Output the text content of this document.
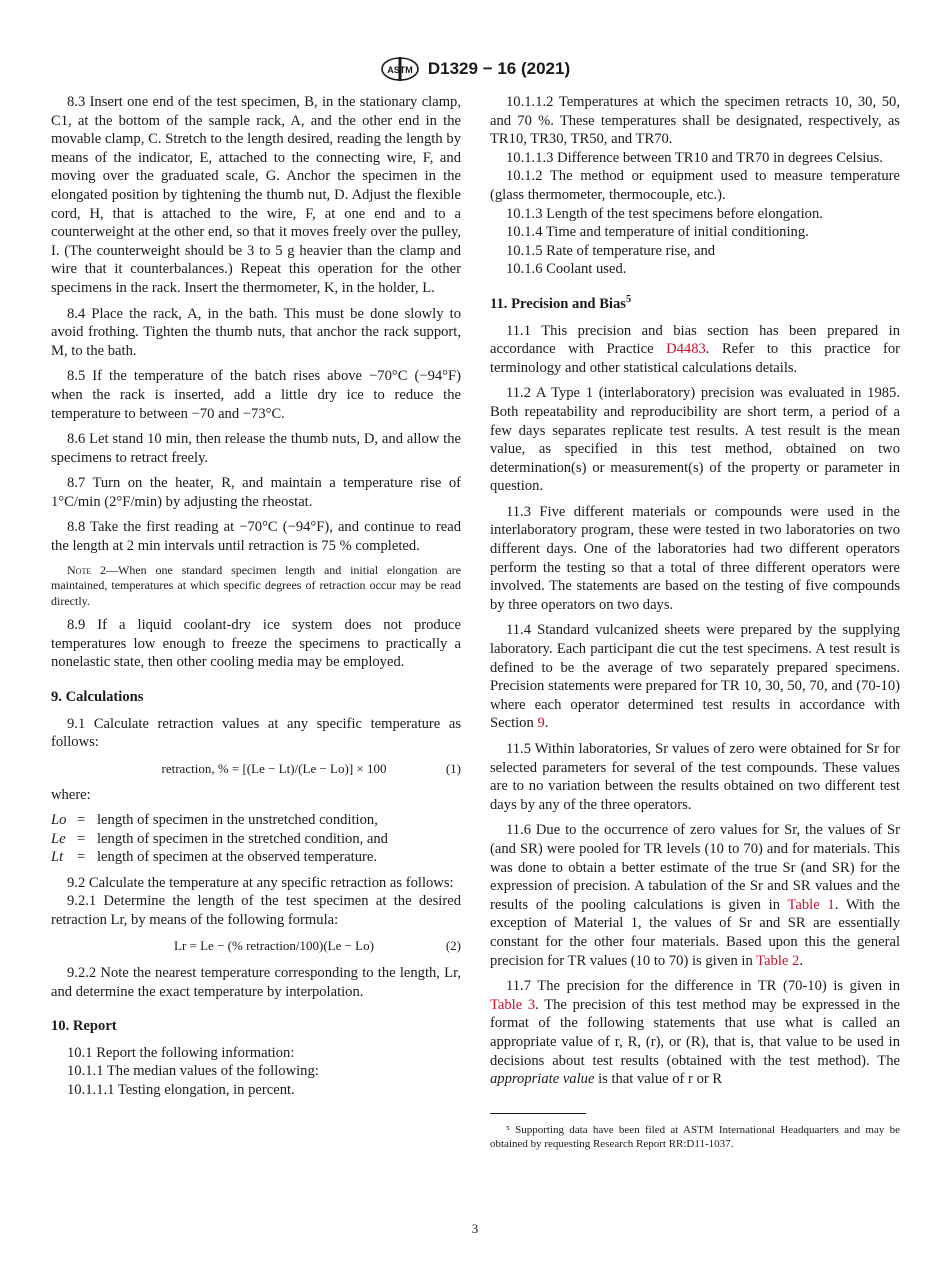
ASTM D1329 − 16 (2021)

8.3 Insert one end of the test specimen, B, in the stationary clamp, C1, at the bottom of the sample rack, A, and the other end in the movable clamp, C. Stretch to the length desired, reading the length by means of the indicator, E, attached to the connecting wire, F, and moving over the graduated scale, G. Anchor the specimen in the elongated position by tightening the thumb nut, D. Adjust the flexible cord, H, that is attached to the wire, F, at one end and to a counterweight at the other end, so that it moves freely over the pulley, I. (The counterweight should be 3 to 5 g heavier than the clamp and wire that it counterbalances.) Repeat this operation for the other specimens in the rack. Insert the thermometer, K, in the holder, L.

8.4 Place the rack, A, in the bath. This must be done slowly to avoid frothing. Tighten the thumb nuts, that anchor the rack support, M, to the bath.

8.5 If the temperature of the batch rises above −70°C (−94°F) when the rack is inserted, add a little dry ice to reduce the temperature to between −70 and −73°C.

8.6 Let stand 10 min, then release the thumb nuts, D, and allow the specimens to retract freely.

8.7 Turn on the heater, R, and maintain a temperature rise of 1°C/min (2°F/min) by adjusting the rheostat.

8.8 Take the first reading at −70°C (−94°F), and continue to read the length at 2 min intervals until retraction is 75 % completed.

Note 2—When one standard specimen length and initial elongation are maintained, temperatures at which specific degrees of retraction occur may be read directly.

8.9 If a liquid coolant-dry ice system does not produce temperatures low enough to freeze the specimens to practically a nonelastic state, then other cooling media may be employed.

9. Calculations

9.1 Calculate retraction values at any specific temperature as follows:

retraction, % = [(Le − Lt)/(Le − Lo)] × 100	(1)
where:
Lo = length of specimen in the unstretched condition,
Le = length of specimen in the stretched condition, and
Lt = length of specimen at the observed temperature.

9.2 Calculate the temperature at any specific retraction as follows:

9.2.1 Determine the length of the test specimen at the desired retraction Lr, by means of the following formula:

Lr = Le − (% retraction/100)(Le − Lo)	(2)

9.2.2 Note the nearest temperature corresponding to the length, Lr, and determine the exact temperature by interpolation.

10. Report

10.1 Report the following information:

10.1.1 The median values of the following:

10.1.1.1 Testing elongation, in percent.

10.1.1.2 Temperatures at which the specimen retracts 10, 30, 50, and 70 %. These temperatures shall be designated, respectively, as TR10, TR30, TR50, and TR70.

10.1.1.3 Difference between TR10 and TR70 in degrees Celsius.

10.1.2 The method or equipment used to measure temperature (glass thermometer, thermocouple, etc.).

10.1.3 Length of the test specimens before elongation.

10.1.4 Time and temperature of initial conditioning.

10.1.5 Rate of temperature rise, and

10.1.6 Coolant used.

11. Precision and Bias$^5$

11.1 This precision and bias section has been prepared in accordance with Practice D4483. Refer to this practice for terminology and other statistical calculations details.

11.2 A Type 1 (interlaboratory) precision was evaluated in 1985. Both repeatability and reproducibility are short term, a period of a few days separates replicate test results. A test result is the mean value, as specified in this test method, obtained on two determination(s) or measurement(s) of the property or parameter in question.

11.3 Five different materials or compounds were used in the interlaboratory program, these were tested in two laboratories on two different days. One of the laboratories had two different operators perform the testing so that a total of three different operators were involved. The statements are based on the testing of five compounds by three operators on two days.

11.4 Standard vulcanized sheets were prepared by the supplying laboratory. Each participant die cut the test specimens. A test result is defined to be the average of two separately prepared specimens. Precision statements were prepared for TR 10, 30, 50, 70, and (70-10) where each operator determined test results in accordance with Section 9.

11.5 Within laboratories, Sr values of zero were obtained for Sr for selected parameters for several of the test compounds. These values are to no variation between the results obtained on two different test days by any of the three operators.

11.6 Due to the occurrence of zero values for Sr, the values of Sr (and SR) were pooled for TR levels (10 to 70) and for materials. This was done to obtain a better estimate of the true Sr (and SR) for the expression of precision. A tabulation of the Sr and SR values and the results of the pooling calculations is given in Table 1. With the exception of Material 1, the values of Sr and SR are essentially constant for the other four materials. Based upon this the general precision for TR values (10 to 70) is given in Table 2.

11.7 The precision for the difference in TR (70-10) is given in Table 3. The precision of this test method may be expressed in the format of the following statements that use what is called an appropriate value of r, R, (r), or (R), that is, that value to be used in decisions about test results (obtained with the test method). The appropriate value is that value of r or R

⁵ Supporting data have been filed at ASTM International Headquarters and may be obtained by requesting Research Report RR:D11-1037.

3
